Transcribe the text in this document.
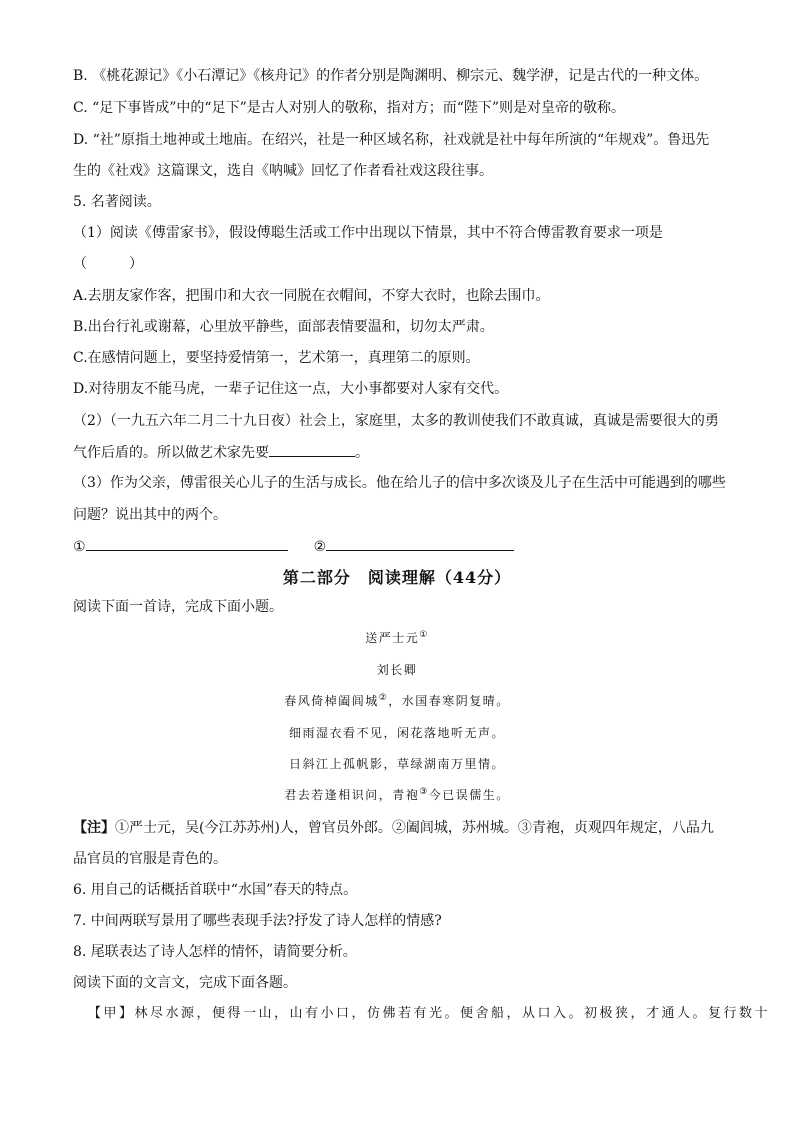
B. 《桃花源记》《小石潭记》《核舟记》的作者分别是陶渊明、柳宗元、魏学洢，记是古代的一种文体。
C. “足下事皆成”中的“足下”是古人对别人的敬称，指对方；而“陛下”则是对皇帝的敬称。
D. “社”原指土地神或土地庙。在绍兴，社是一种区域名称，社戏就是社中每年所演的“年规戏”。鲁迅先
生的《社戏》这篇课文，选自《呐喊》回忆了作者看社戏这段往事。
5. 名著阅读。
（1）阅读《傅雷家书》，假设傅聪生活或工作中出现以下情景，其中不符合傅雷教育要求一项是
（　　　）
A.去朋友家作客，把围巾和大衣一同脱在衣帽间，不穿大衣时，也除去围巾。
B.出台行礼或谢幕，心里放平静些，面部表情要温和，切勿太严肃。
C.在感情问题上，要坚持爱情第一，艺术第一，真理第二的原则。
D.对待朋友不能马虎，一辈子记住这一点，大小事都要对人家有交代。
（2）（一九五六年二月二十九日夜）社会上，家庭里，太多的教训使我们不敢真诚，真诚是需要很大的勇
气作后盾的。所以做艺术家先要	。
（3）作为父亲，傅雷很关心儿子的生活与成长。他在给儿子的信中多次谈及儿子在生活中可能遇到的哪些
问题？说出其中的两个。
①	②
第二部分　阅读理解（44分）
阅读下面一首诗，完成下面小题。
送严士元①
刘长卿
春风倚棹阖闾城②，水国春寒阴复晴。
细雨湿衣看不见，闲花落地听无声。
日斜江上孤帆影，草绿湖南万里情。
君去若逢相识问，青袍③今已误儒生。
【注】①严士元，吴(今江苏苏州)人，曾官员外郎。②阖闾城，苏州城。③青袍，贞观四年规定，八品九
品官员的官服是青色的。
6. 用自己的话概括首联中“水国”春天的特点。
7. 中间两联写景用了哪些表现手法?抒发了诗人怎样的情感?
8. 尾联表达了诗人怎样的情怀，请简要分析。
阅读下面的文言文，完成下面各题。
【甲】林尽水源，便得一山，山有小口，仿佛若有光。便舍船，从口入。初极狭，才通人。复行数十
